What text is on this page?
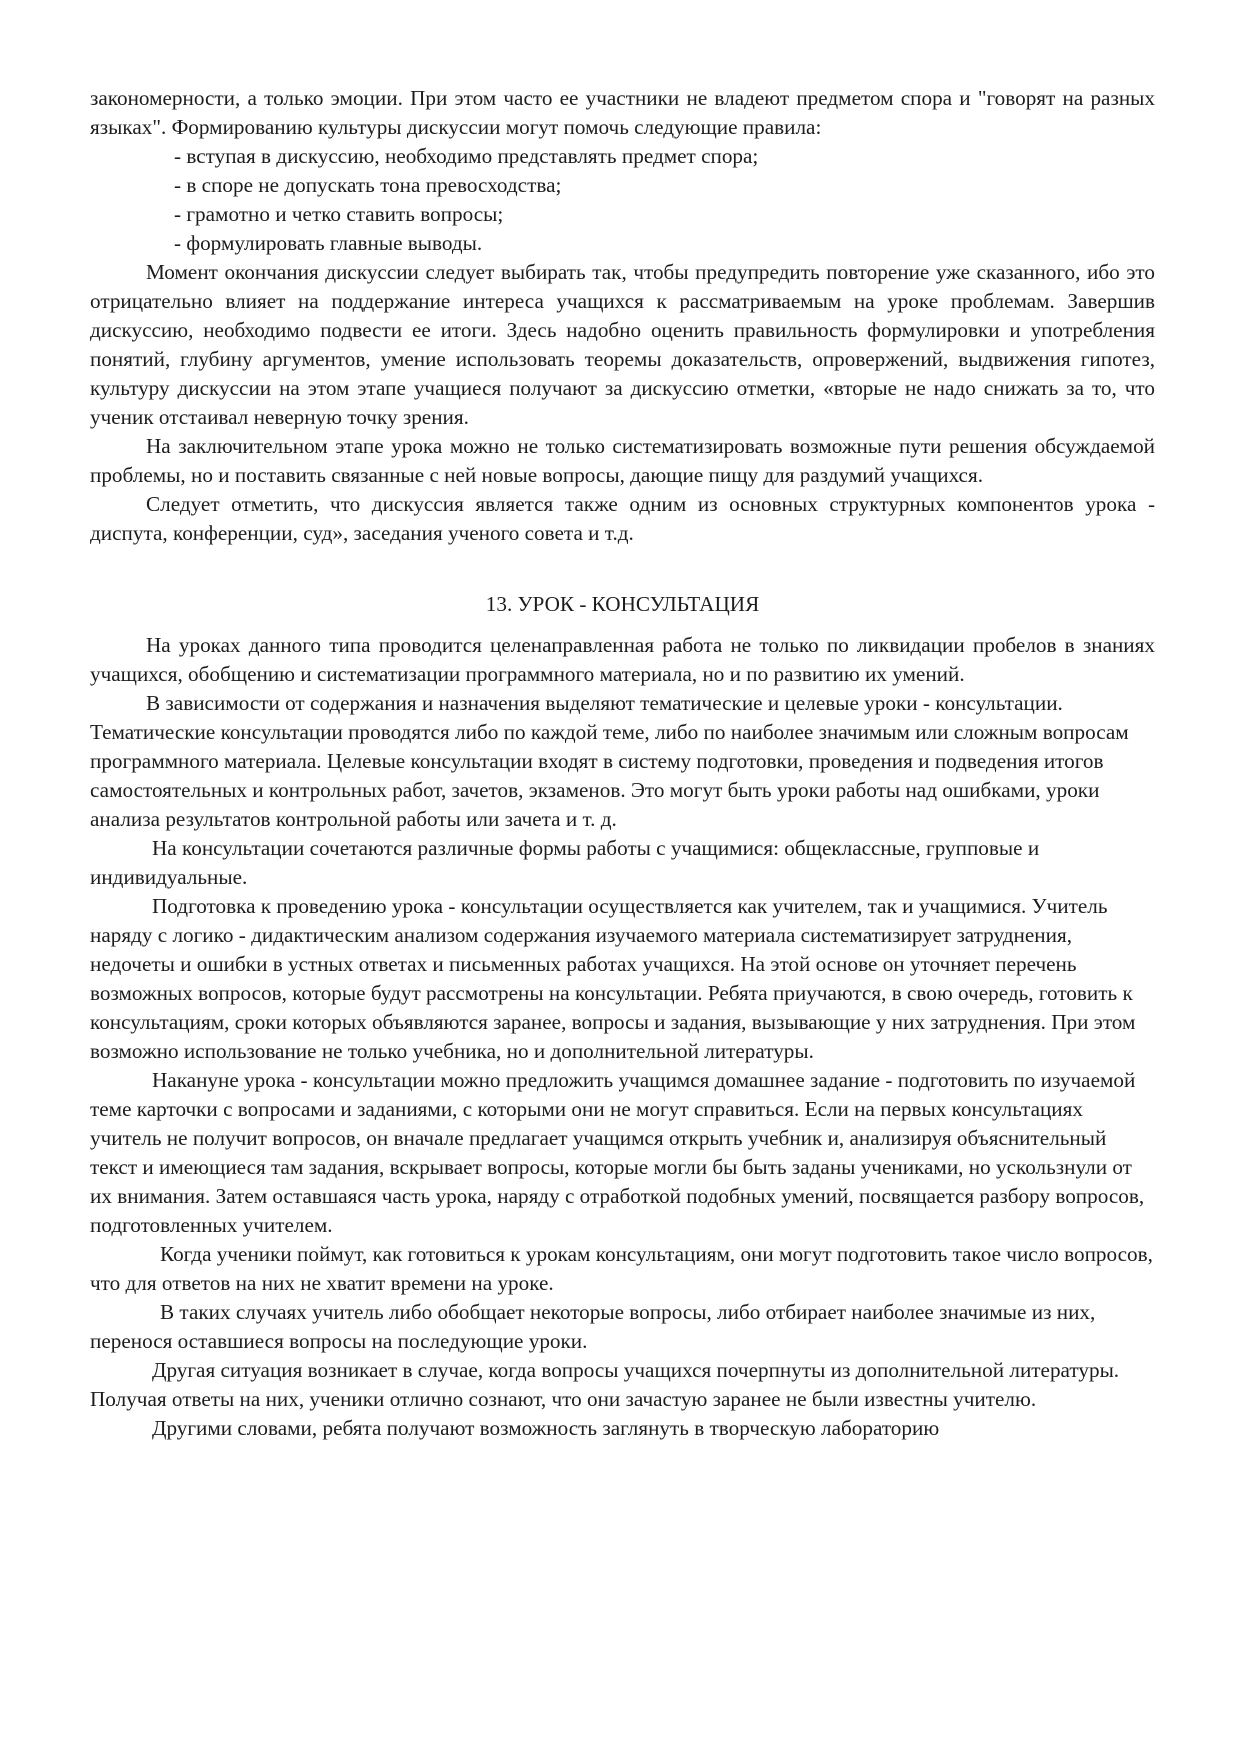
закономерности, а только эмоции. При этом часто ее участники не владеют предметом спора и "говорят на разных языках". Формированию культуры дискуссии могут помочь следующие правила:

- вступая в дискуссию, необходимо представлять предмет спора;
- в споре не допускать тона превосходства;
- грамотно и четко ставить вопросы;
- формулировать главные выводы.

Момент окончания дискуссии следует выбирать так, чтобы предупредить повторение уже сказанного, ибо это отрицательно влияет на поддержание интереса учащихся к рассматриваемым на уроке проблемам. Завершив дискуссию, необходимо подвести ее итоги. Здесь надобно оценить правильность формулировки и употребления понятий, глубину аргументов, умение использовать теоремы доказательств, опровержений, выдвижения гипотез, культуру дискуссии на этом этапе учащиеся получают за дискуссию отметки, «вторые не надо снижать за то, что ученик отстаивал неверную точку зрения.

На заключительном этапе урока можно не только систематизировать возможные пути решения обсуждаемой проблемы, но и поставить связанные с ней новые вопросы, дающие пищу для раздумий учащихся.

Следует отметить, что дискуссия является также одним из основных структурных компонентов урока - диспута, конференции, суд», заседания ученого совета и т.д.

13. УРОК - КОНСУЛЬТАЦИЯ

На уроках данного типа проводится целенаправленная работа не только по ликвидации пробелов в знаниях учащихся, обобщению и систематизации программного материала, но и по развитию их умений.

В зависимости от содержания и назначения выделяют тематические и целевые уроки - консультации. Тематические консультации проводятся либо по каждой теме, либо по наиболее значимым или сложным вопросам программного материала. Целевые консультации входят в систему подготовки, проведения и подведения итогов самостоятельных и контрольных работ, зачетов, экзаменов. Это могут быть уроки работы над ошибками, уроки анализа результатов контрольной работы или зачета и т. д.

На консультации сочетаются различные формы работы с учащимися: общеклассные, групповые и индивидуальные.

Подготовка к проведению урока - консультации осуществляется как учителем, так и учащимися. Учитель наряду с логико - дидактическим анализом содержания изучаемого материала систематизирует затруднения, недочеты и ошибки в устных ответах и письменных работах учащихся. На этой основе он уточняет перечень возможных вопросов, которые будут рассмотрены на консультации. Ребята приучаются, в свою очередь, готовить к консультациям, сроки которых объявляются заранее, вопросы и задания, вызывающие у них затруднения. При этом возможно использование не только учебника, но и дополнительной литературы.

Накануне урока - консультации можно предложить учащимся домашнее задание - подготовить по изучаемой теме карточки с вопросами и заданиями, с которыми они не могут справиться. Если на первых консультациях учитель не получит вопросов, он вначале предлагает учащимся открыть учебник и, анализируя объяснительный текст и имеющиеся там задания, вскрывает вопросы, которые могли бы быть заданы учениками, но ускользнули от их внимания. Затем оставшаяся часть урока, наряду с отработкой подобных умений, посвящается разбору вопросов, подготовленных учителем.

Когда ученики поймут, как готовиться к урокам консультациям, они могут подготовить такое число вопросов, что для ответов на них не хватит времени на уроке.

В таких случаях учитель либо обобщает некоторые вопросы, либо отбирает наиболее значимые из них, перенося оставшиеся вопросы на последующие уроки.

Другая ситуация возникает в случае, когда вопросы учащихся почерпнуты из дополнительной литературы. Получая ответы на них, ученики отлично сознают, что они зачастую заранее не были известны учителю.

Другими словами, ребята получают возможность заглянуть в творческую лабораторию
